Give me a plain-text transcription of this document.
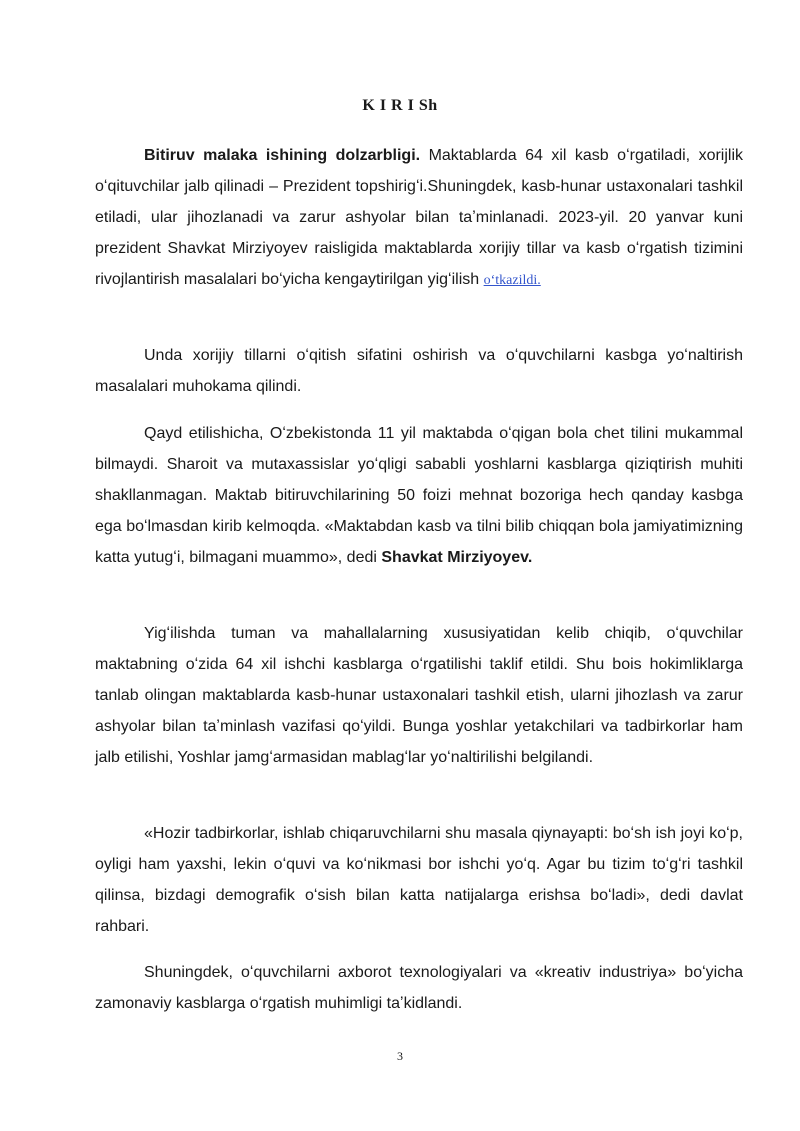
K I R I Sh

Bitiruv malaka ishining dolzarbligi. Maktablarda 64 xil kasb oʻrgatiladi, xorijlik oʻqituvchilar jalb qilinadi – Prezident topshirigʻi.Shuningdek, kasb-hunar ustaxonalari tashkil etiladi, ular jihozlanadi va zarur ashyolar bilan taʼminlanadi. 2023-yil. 20 yanvar kuni prezident Shavkat Mirziyoyev raisligida maktablarda xorijiy tillar va kasb oʻrgatish tizimini rivojlantirish masalalari boʻyicha kengaytirilgan yigʻilish oʻtkazildi.

Unda xorijiy tillarni oʻqitish sifatini oshirish va oʻquvchilarni kasbga yoʻnaltirish masalalari muhokama qilindi.

Qayd etilishicha, Oʻzbekistonda 11 yil maktabda oʻqigan bola chet tilini mukammal bilmaydi. Sharoit va mutaxassislar yoʻqligi sababli yoshlarni kasblarga qiziqtirish muhiti shakllanmagan. Maktab bitiruvchilarining 50 foizi mehnat bozoriga hech qanday kasbga ega boʻlmasdan kirib kelmoqda. «Maktabdan kasb va tilni bilib chiqqan bola jamiyatimizning katta yutugʻi, bilmagani muammo», dedi Shavkat Mirziyoyev.

Yigʻilishda tuman va mahallalarning xususiyatidan kelib chiqib, oʻquvchilar maktabning oʻzida 64 xil ishchi kasblarga oʻrgatilishi taklif etildi. Shu bois hokimliklarga tanlab olingan maktablarda kasb-hunar ustaxonalari tashkil etish, ularni jihozlash va zarur ashyolar bilan taʼminlash vazifasi qoʻyildi. Bunga yoshlar yetakchilari va tadbirkorlar ham jalb etilishi, Yoshlar jamgʻarmasidan mablagʻlar yoʻnaltirilishi belgilandi.

«Hozir tadbirkorlar, ishlab chiqaruvchilarni shu masala qiynayapti: boʻsh ish joyi koʻp, oyligi ham yaxshi, lekin oʻquvi va koʻnikmasi bor ishchi yoʻq. Agar bu tizim toʻgʻri tashkil qilinsa, bizdagi demografik oʻsish bilan katta natijalarga erishsa boʻladi», dedi davlat rahbari.

Shuningdek, oʻquvchilarni axborot texnologiyalari va «kreativ industriya» boʻyicha zamonaviy kasblarga oʻrgatish muhimligi taʼkidlandi.

3
